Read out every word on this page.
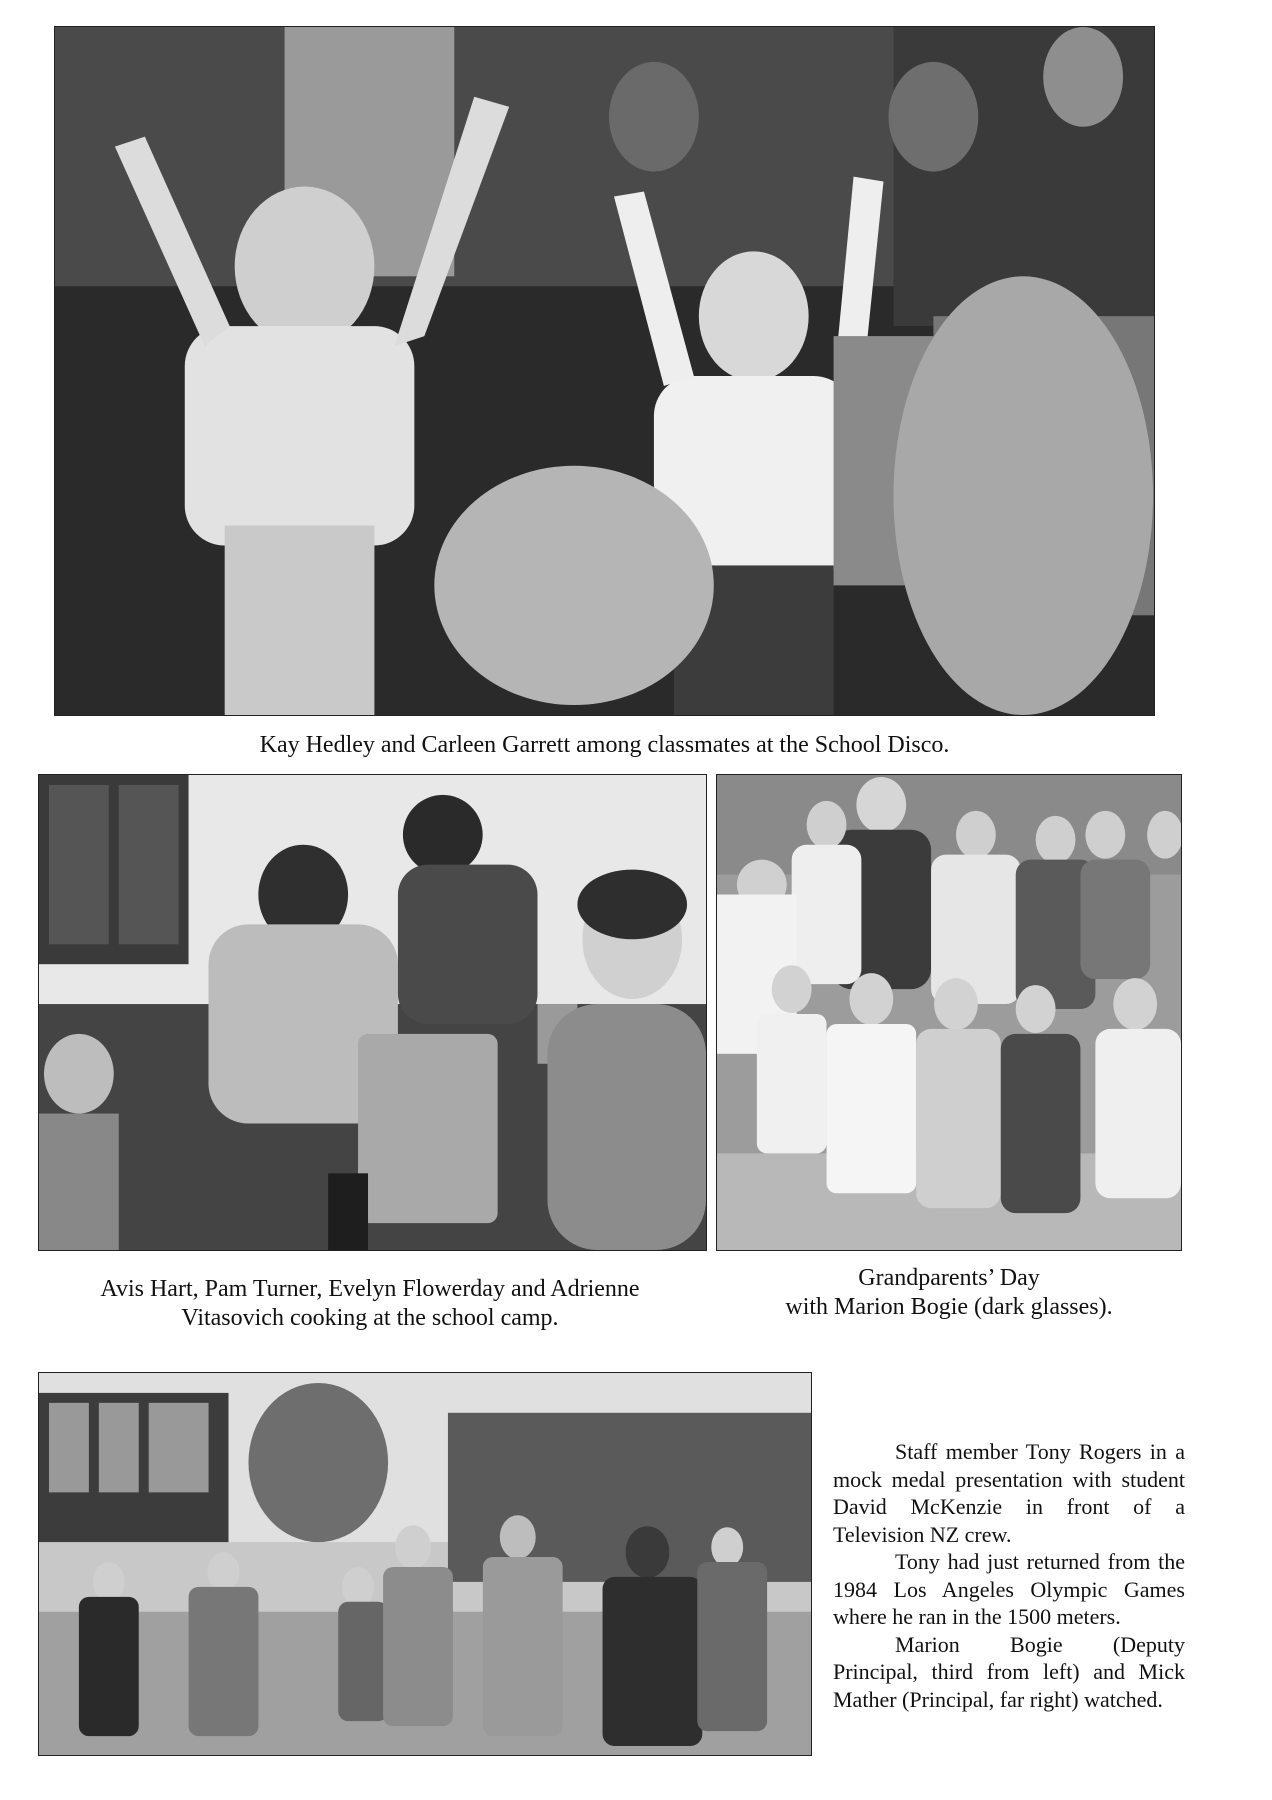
Kay Hedley and Carleen Garrett among classmates at the School Disco.

Avis Hart, Pam Turner, Evelyn Flowerday and Adrienne
Vitasovich cooking at the school camp.

Grandparents’ Day
with Marion Bogie (dark glasses).

Staff member Tony Rogers in a mock medal presentation with student David McKenzie in front of a Television NZ crew.

Tony had just returned from the 1984 Los Angeles Olympic Games where he ran in the 1500 meters.

Marion Bogie (Deputy Principal, third from left) and Mick Mather (Principal, far right) watched.
